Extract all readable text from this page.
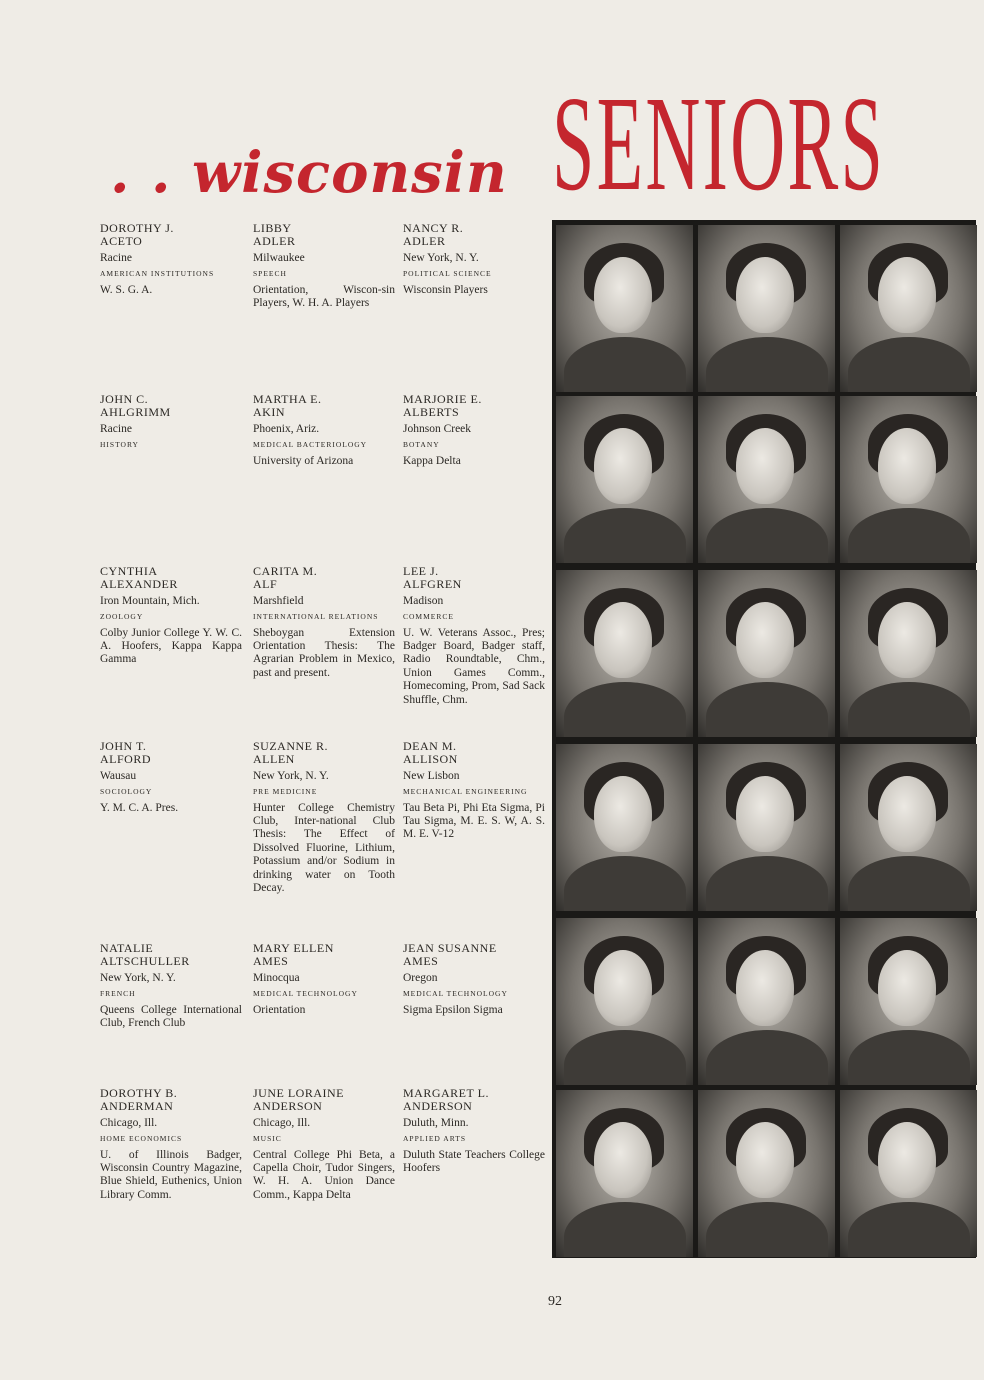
. . wisconsin SENIORS
DOROTHY J.
ACETO
Racine
AMERICAN INSTITUTIONS
W. S. G. A.
LIBBY
ADLER
Milwaukee
SPEECH
Orientation, Wiscon-sin Players, W. H. A. Players
NANCY R.
ADLER
New York, N. Y.
POLITICAL SCIENCE
Wisconsin Players
JOHN C.
AHLGRIMM
Racine
HISTORY
MARTHA E.
AKIN
Phoenix, Ariz.
MEDICAL BACTERIOLOGY
University of Arizona
MARJORIE E.
ALBERTS
Johnson Creek
BOTANY
Kappa Delta
CYNTHIA
ALEXANDER
Iron Mountain, Mich.
ZOOLOGY
Colby Junior College Y. W. C. A. Hoofers, Kappa Kappa Gamma
CARITA M.
ALF
Marshfield
INTERNATIONAL RELATIONS
Sheboygan Extension Orientation Thesis: The Agrarian Problem in Mexico, past and present.
LEE J.
ALFGREN
Madison
COMMERCE
U. W. Veterans Assoc., Pres; Badger Board, Badger staff, Radio Roundtable, Chm., Union Games Comm., Homecoming, Prom, Sad Sack Shuffle, Chm.
JOHN T.
ALFORD
Wausau
SOCIOLOGY
Y. M. C. A. Pres.
SUZANNE R.
ALLEN
New York, N. Y.
PRE MEDICINE
Hunter College Chemistry Club, Inter-national Club Thesis: The Effect of Dissolved Fluorine, Lithium, Potassium and/or Sodium in drinking water on Tooth Decay.
DEAN M.
ALLISON
New Lisbon
MECHANICAL ENGINEERING
Tau Beta Pi, Phi Eta Sigma, Pi Tau Sigma, M. E. S. W, A. S. M. E. V-12
NATALIE
ALTSCHULLER
New York, N. Y.
FRENCH
Queens College International Club, French Club
MARY ELLEN
AMES
Minocqua
MEDICAL TECHNOLOGY
Orientation
JEAN SUSANNE
AMES
Oregon
MEDICAL TECHNOLOGY
Sigma Epsilon Sigma
DOROTHY B.
ANDERMAN
Chicago, Ill.
HOME ECONOMICS
U. of Illinois Badger, Wisconsin Country Magazine, Blue Shield, Euthenics, Union Library Comm.
JUNE LORAINE
ANDERSON
Chicago, Ill.
MUSIC
Central College Phi Beta, a Capella Choir, Tudor Singers, W. H. A. Union Dance Comm., Kappa Delta
MARGARET L.
ANDERSON
Duluth, Minn.
APPLIED ARTS
Duluth State Teachers College Hoofers
92
